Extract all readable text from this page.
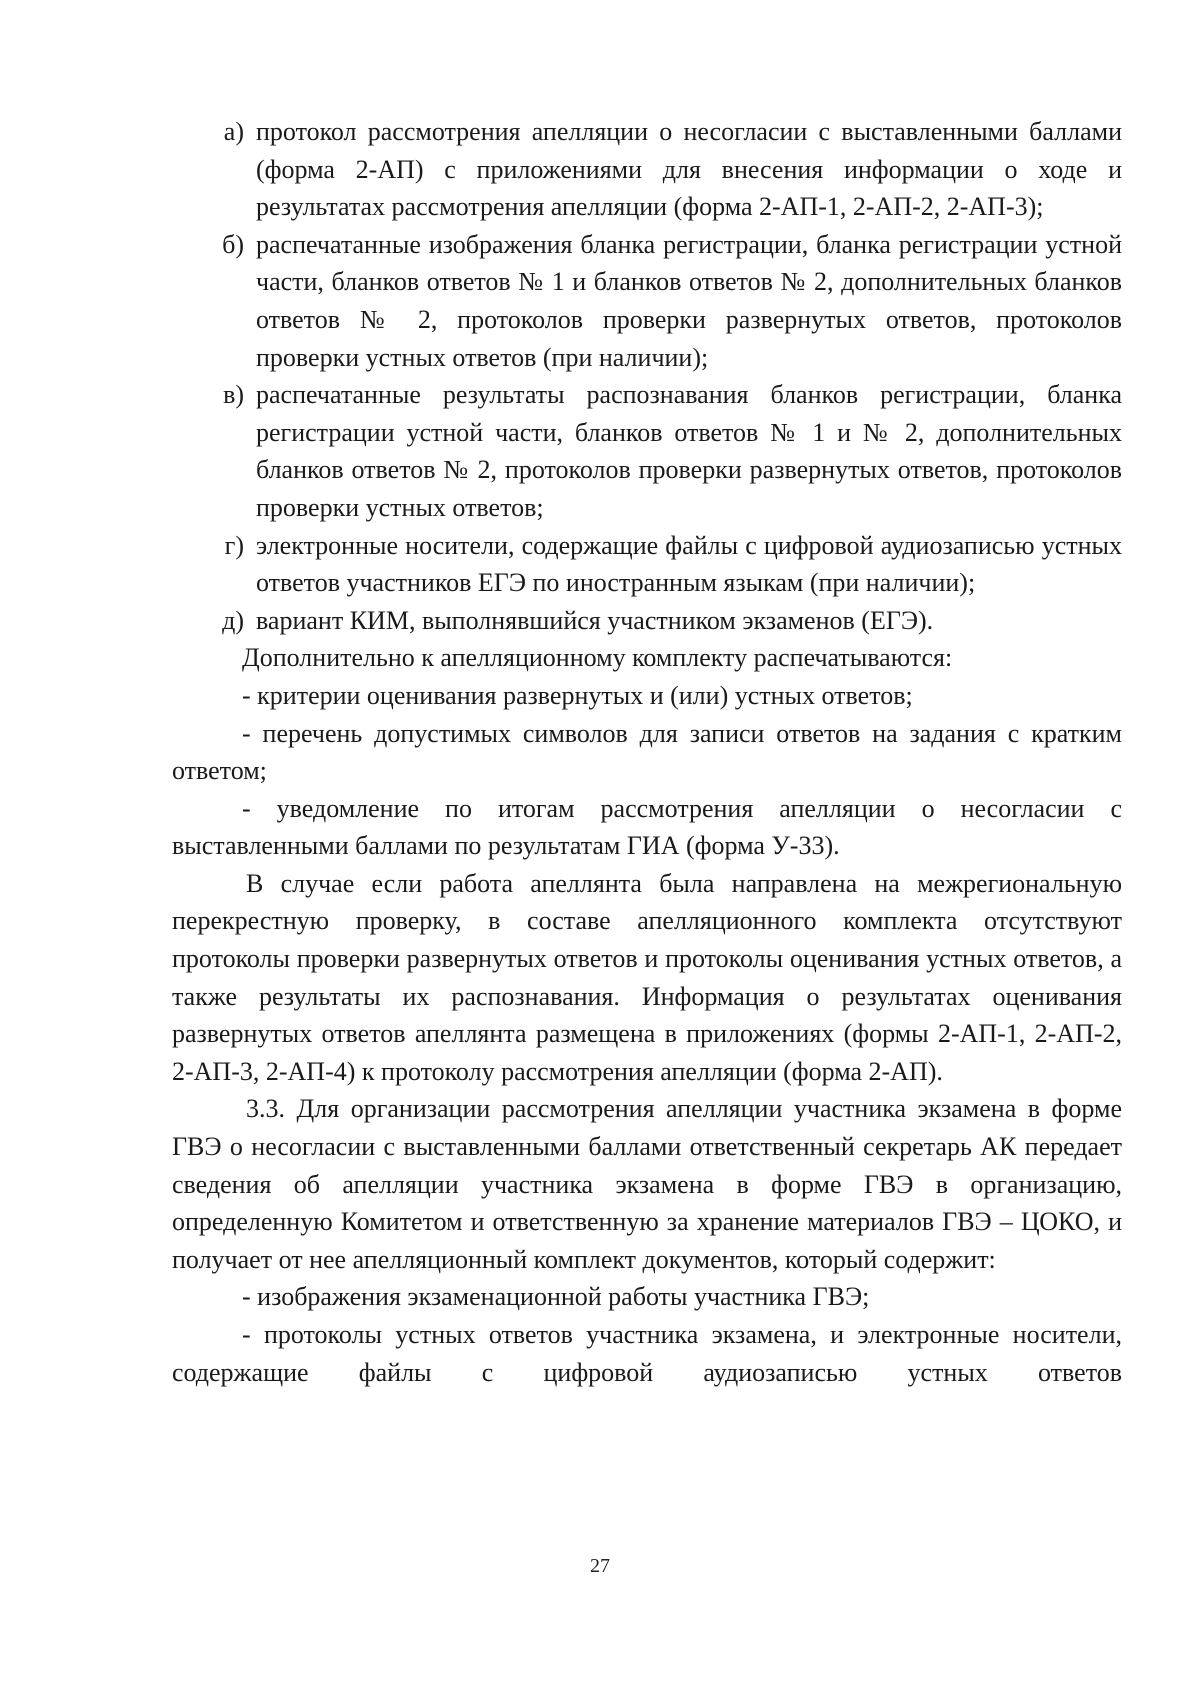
а) протокол рассмотрения апелляции о несогласии с выставленными баллами (форма 2-АП) с приложениями для внесения информации о ходе и результатах рассмотрения апелляции (форма 2-АП-1, 2-АП-2, 2-АП-3);
б) распечатанные изображения бланка регистрации, бланка регистрации устной части, бланков ответов № 1 и бланков ответов № 2, дополнительных бланков ответов № 2, протоколов проверки развернутых ответов, протоколов проверки устных ответов (при наличии);
в) распечатанные результаты распознавания бланков регистрации, бланка регистрации устной части, бланков ответов № 1 и № 2, дополнительных бланков ответов № 2, протоколов проверки развернутых ответов, протоколов проверки устных ответов;
г) электронные носители, содержащие файлы с цифровой аудиозаписью устных ответов участников ЕГЭ по иностранным языкам (при наличии);
д) вариант КИМ, выполнявшийся участником экзаменов (ЕГЭ).

Дополнительно к апелляционному комплекту распечатываются:

- критерии оценивания развернутых и (или) устных ответов;

- перечень допустимых символов для записи ответов на задания с кратким ответом;

- уведомление по итогам рассмотрения апелляции о несогласии с выставленными баллами по результатам ГИА (форма У-33).

В случае если работа апеллянта была направлена на межрегиональную перекрестную проверку, в составе апелляционного комплекта отсутствуют протоколы проверки развернутых ответов и протоколы оценивания устных ответов, а также результаты их распознавания. Информация о результатах оценивания развернутых ответов апеллянта размещена в приложениях (формы 2-АП-1, 2-АП-2, 2-АП-3, 2-АП-4) к протоколу рассмотрения апелляции (форма 2-АП).

3.3. Для организации рассмотрения апелляции участника экзамена в форме ГВЭ о несогласии с выставленными баллами ответственный секретарь АК передает сведения об апелляции участника экзамена в форме ГВЭ в организацию, определенную Комитетом и ответственную за хранение материалов ГВЭ – ЦОКО, и получает от нее апелляционный комплект документов, который содержит:

- изображения экзаменационной работы участника ГВЭ;

- протоколы устных ответов участника экзамена, и электронные носители, содержащие файлы с цифровой аудиозаписью устных ответов

27
